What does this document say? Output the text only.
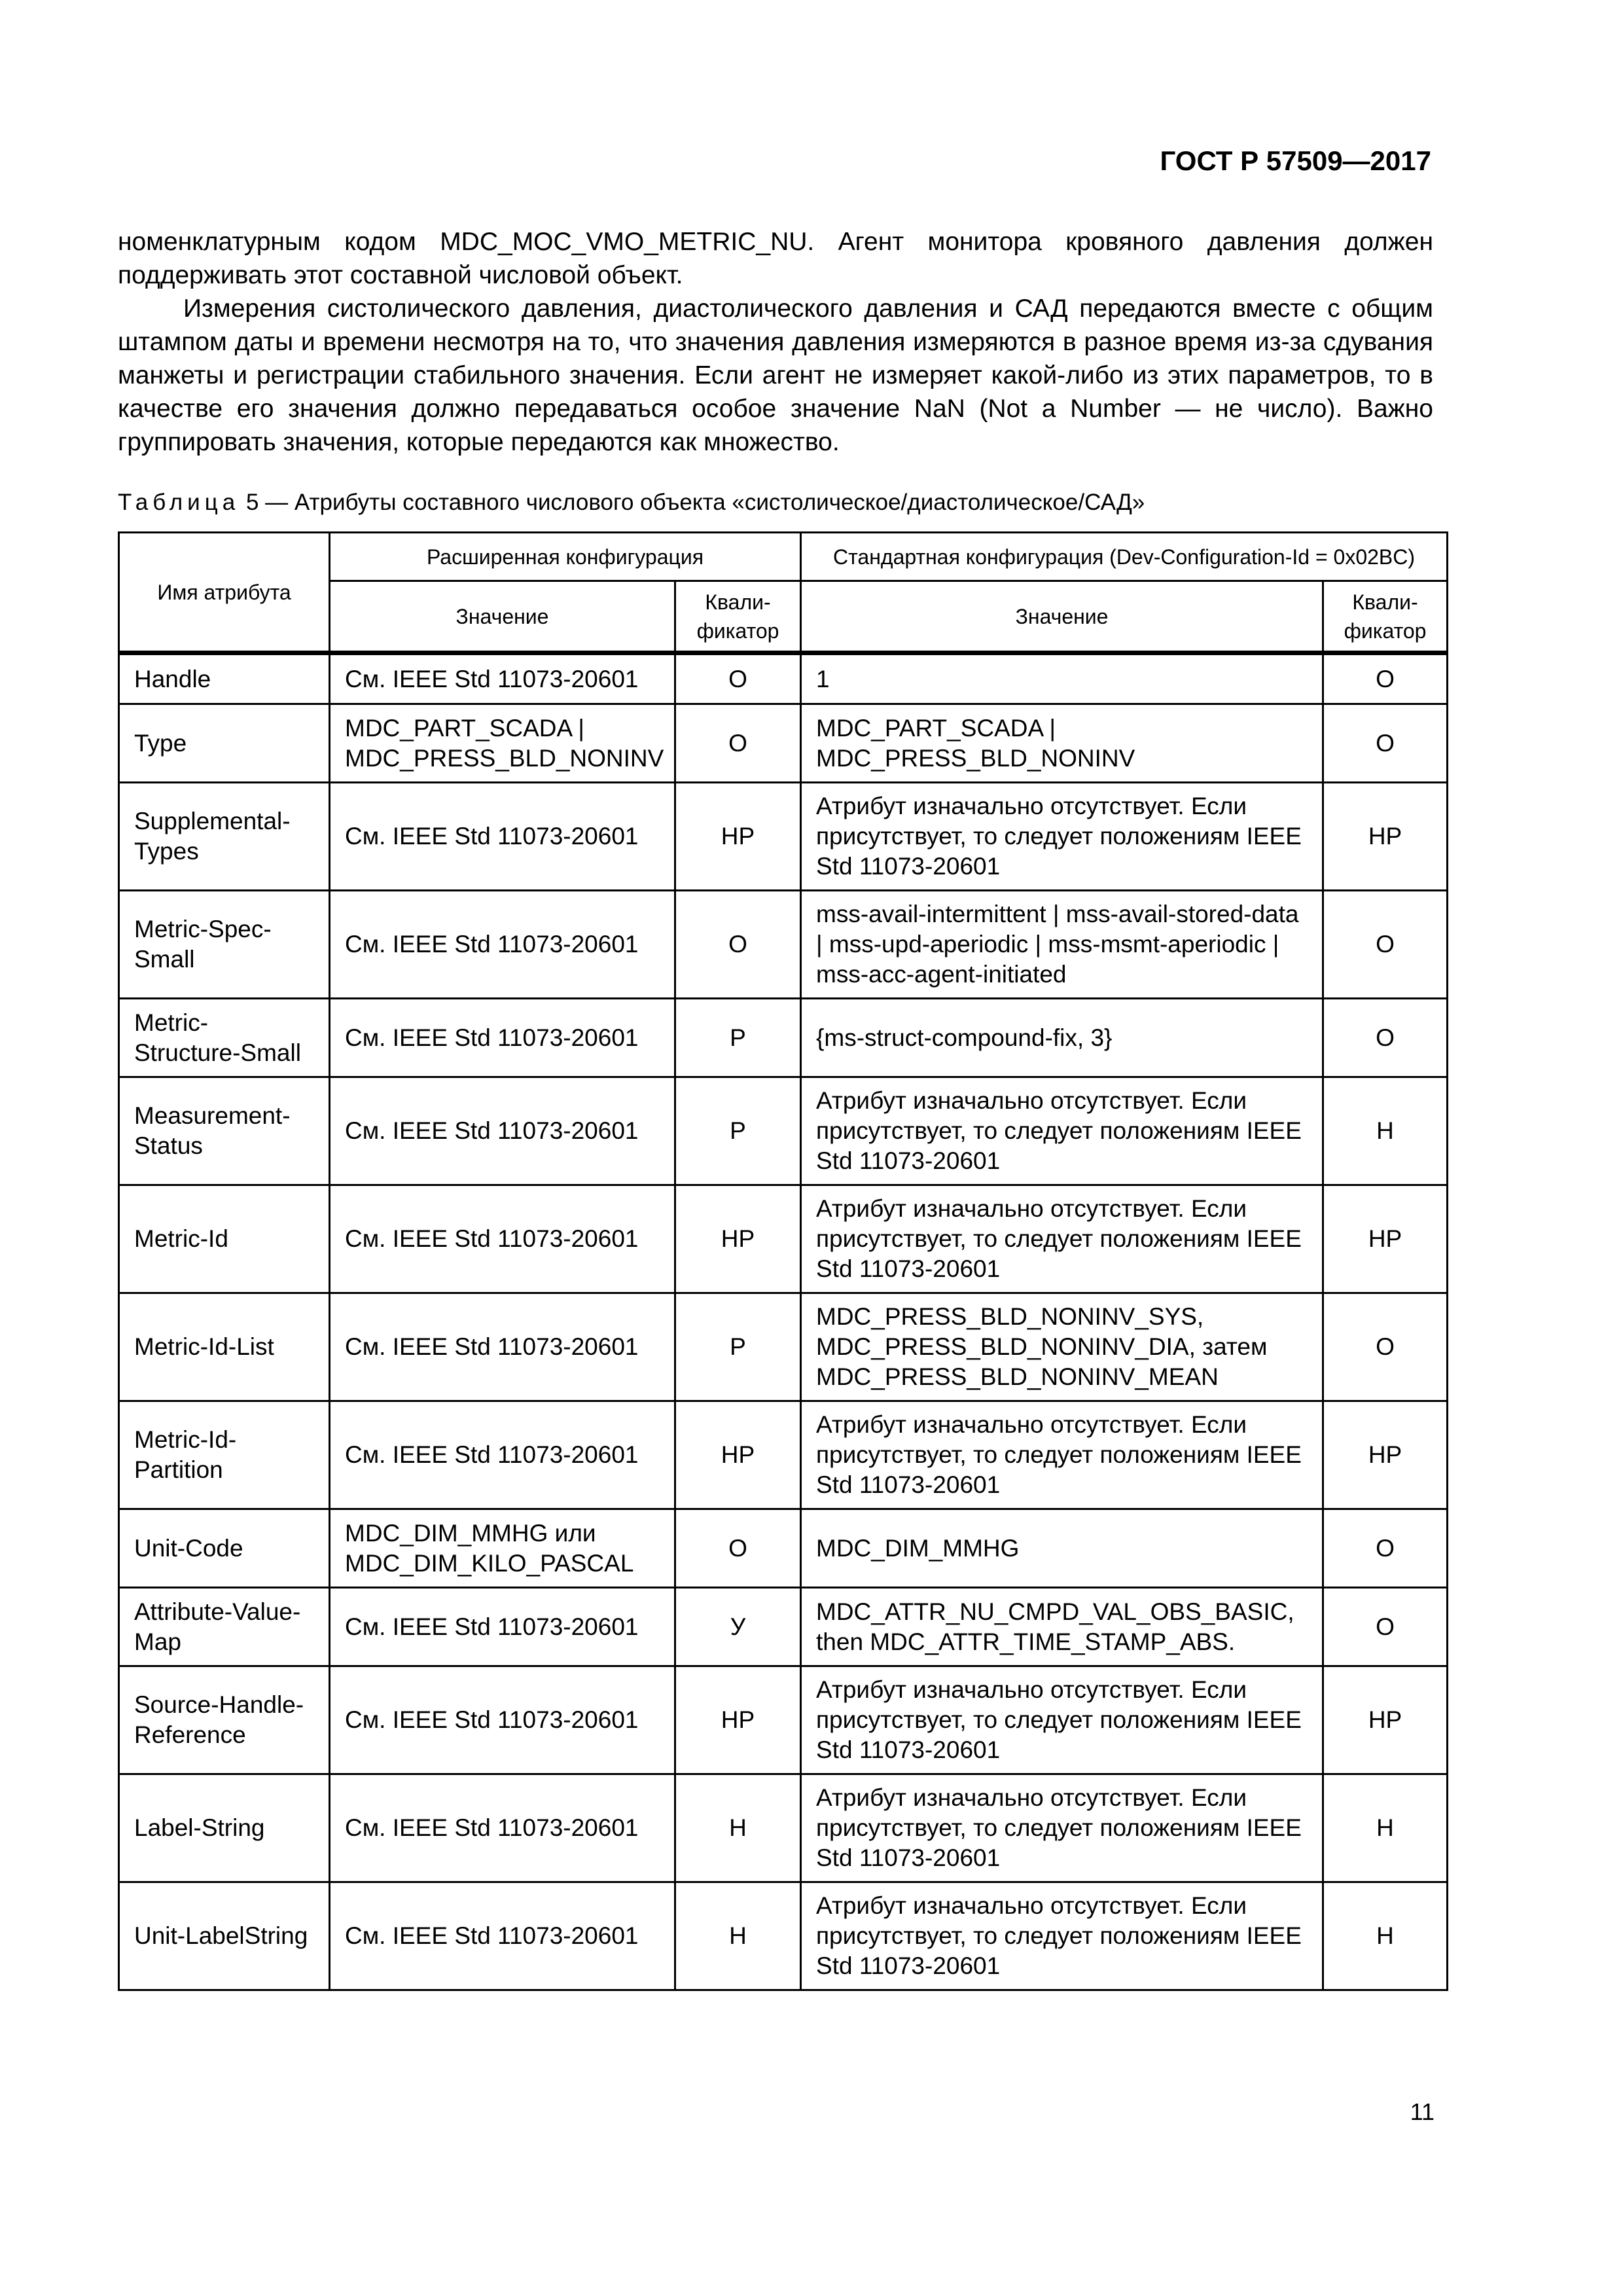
ГОСТ Р 57509—2017

номенклатурным кодом MDC_MOC_VMO_METRIC_NU. Агент монитора кровяного давления должен поддерживать этот составной числовой объект.

Измерения систолического давления, диастолического давления и САД передаются вместе с общим штампом даты и времени несмотря на то, что значения давления измеряются в разное время из-за сдувания манжеты и регистрации стабильного значения. Если агент не измеряет какой-либо из этих параметров, то в качестве его значения должно передаваться особое значение NaN (Not a Number — не число). Важно группировать значения, которые передаются как множество.

Таблица 5 — Атрибуты составного числового объекта «систолическое/диастолическое/САД»
Имя атрибута	Расширенная конфигурация		Стандартная конфигурация (Dev-Configuration-Id = 0x02BC)	
	Значение	Квали-фикатор	Значение	Квали-фикатор
Handle	См. IEEE Std 11073-20601	О	1	О
Type	MDC_PART_SCADA | MDC_PRESS_BLD_NONINV	О	MDC_PART_SCADA | MDC_PRESS_BLD_NONINV	О
Supplemental-Types	См. IEEE Std 11073-20601	НР	Атрибут изначально отсутствует. Если присутствует, то следует положениям IEEE Std 11073-20601	НР
Metric-Spec-Small	См. IEEE Std 11073-20601	О	mss-avail-intermittent | mss-avail-stored-data | mss-upd-aperiodic | mss-msmt-aperiodic | mss-acc-agent-initiated	О
Metric-Structure-Small	См. IEEE Std 11073-20601	Р	{ms-struct-compound-fix, 3}	О
Measurement-Status	См. IEEE Std 11073-20601	Р	Атрибут изначально отсутствует. Если присутствует, то следует положениям IEEE Std 11073-20601	Н
Metric-Id	См. IEEE Std 11073-20601	НР	Атрибут изначально отсутствует. Если присутствует, то следует положениям IEEE Std 11073-20601	НР
Metric-Id-List	См. IEEE Std 11073-20601	Р	MDC_PRESS_BLD_NONINV_SYS, MDC_PRESS_BLD_NONINV_DIA, затем MDC_PRESS_BLD_NONINV_MEAN	О
Metric-Id-Partition	См. IEEE Std 11073-20601	НР	Атрибут изначально отсутствует. Если присутствует, то следует положениям IEEE Std 11073-20601	НР
Unit-Code	MDC_DIM_MMHG или MDC_DIM_KILO_PASCAL	О	MDC_DIM_MMHG	О
Attribute-Value-Map	См. IEEE Std 11073-20601	У	MDC_ATTR_NU_CMPD_VAL_OBS_BASIC, then MDC_ATTR_TIME_STAMP_ABS.	О
Source-Handle-Reference	См. IEEE Std 11073-20601	НР	Атрибут изначально отсутствует. Если присутствует, то следует положениям IEEE Std 11073-20601	НР
Label-String	См. IEEE Std 11073-20601	Н	Атрибут изначально отсутствует. Если присутствует, то следует положениям IEEE Std 11073-20601	Н
Unit-LabelString	См. IEEE Std 11073-20601	Н	Атрибут изначально отсутствует. Если присутствует, то следует положениям IEEE Std 11073-20601	Н
11
